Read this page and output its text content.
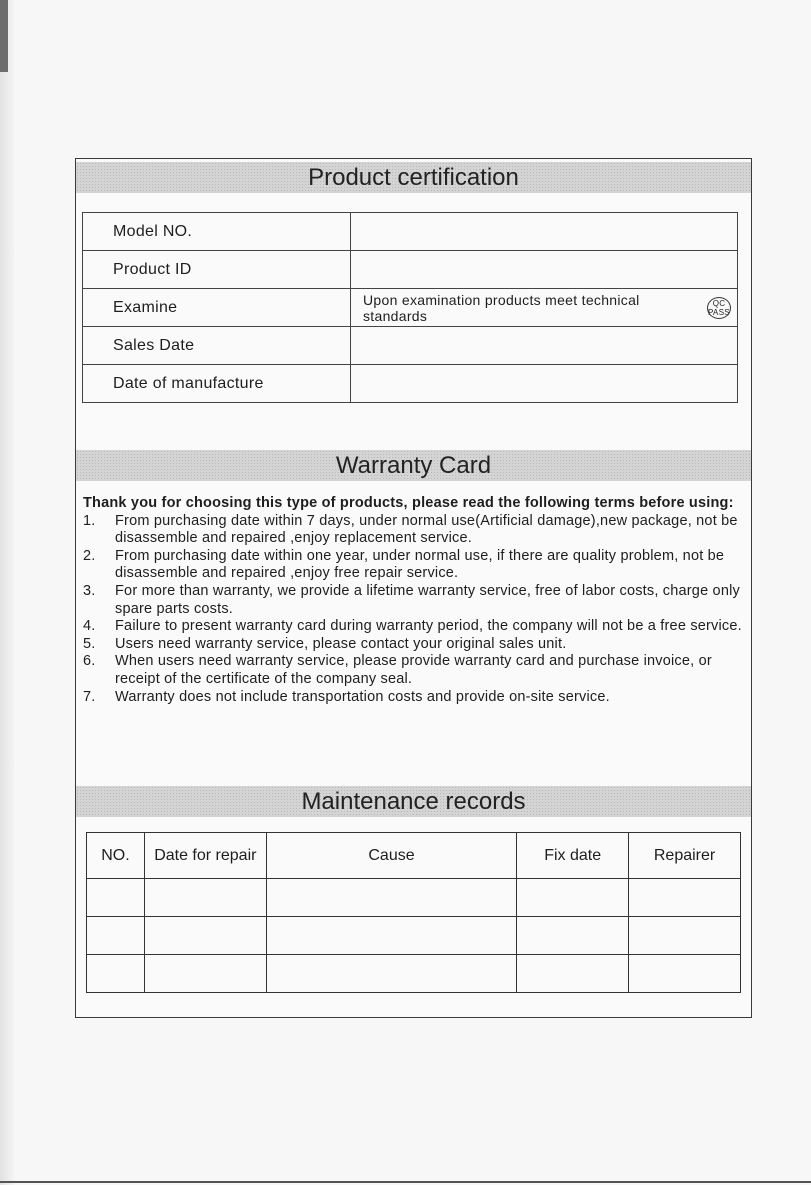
Product certification
Model NO.	
Product ID	
Examine	Upon examination products meet technical standards
QC PASS

Sales Date	
Date of manufacture	
Warranty Card

Thank you for choosing this type of products, please read the following terms before using:

1.	From purchasing date within 7 days, under normal use(Artificial damage),new package, not be disassemble and repaired ,enjoy replacement service.
2.	From purchasing date within one year, under normal use, if there are quality problem, not be disassemble and repaired ,enjoy free repair service.
3.	For more than warranty, we provide a lifetime warranty service, free of labor costs, charge only spare parts costs.
4.	Failure to present warranty card during warranty period, the company will not be a free service.
5.	Users need warranty service, please contact your original sales unit.
6.	When users need warranty service, please provide warranty card and purchase invoice, or receipt of the certificate of the company seal.
7.	Warranty does not include transportation costs and provide on-site service.
Maintenance records
NO.	Date for repair	Cause	Fix date	Repairer
